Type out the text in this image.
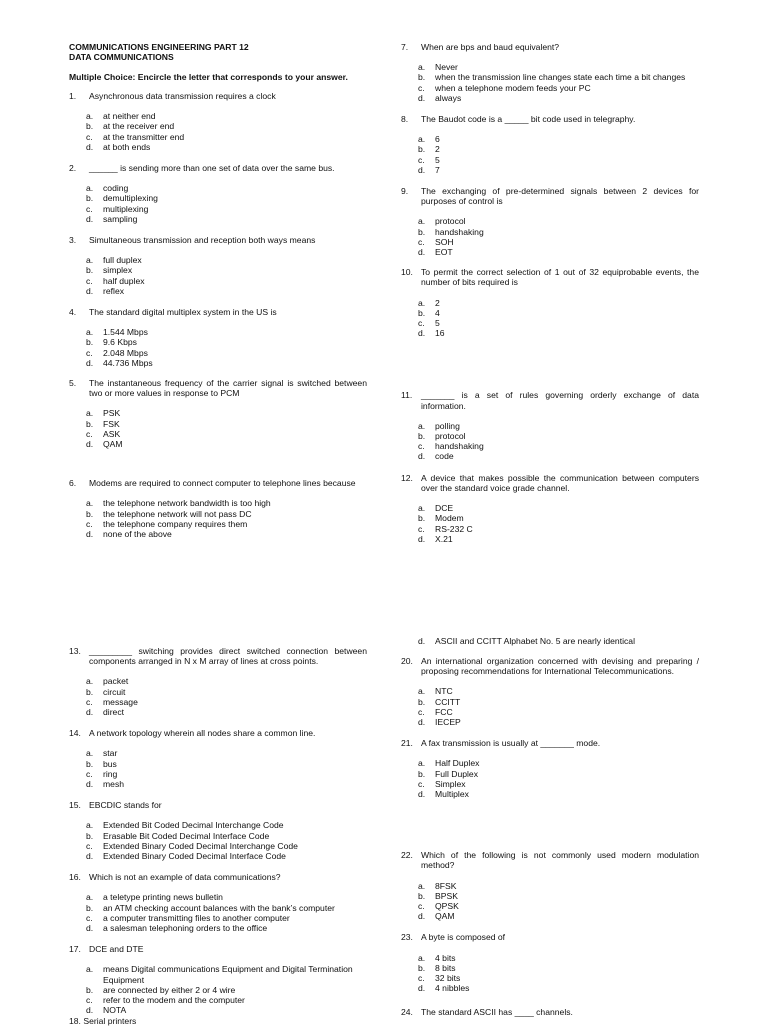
COMMUNICATIONS ENGINEERING PART 12
DATA COMMUNICATIONS
Multiple Choice: Encircle the letter that corresponds to your answer.
1.	Asynchronous data transmission requires a clock
a.	at neither end
b.	at the receiver end
c.	at the transmitter end
d.	at both ends
2.	______ is sending more than one set of data over the same bus.
a.	coding
b.	demultiplexing
c.	multiplexing
d.	sampling
3.	Simultaneous transmission and reception both ways means
a.	full duplex
b.	simplex
c.	half duplex
d.	reflex
4.	The standard digital multiplex system in the US is
a.	1.544 Mbps
b.	9.6 Kbps
c.	2.048 Mbps
d.	44.736 Mbps
5.	The instantaneous frequency of the carrier signal is switched between two or more values in response to PCM
a.	PSK
b.	FSK
c.	ASK
d.	QAM
6.	Modems are required to connect computer to telephone lines because
a.	the telephone network bandwidth is too high
b.	the telephone network will not pass DC
c.	the telephone company requires them
d.	none of the above
7.	When are bps and baud equivalent?
a.	Never
b.	when the transmission line changes state each time a bit changes
c.	when a telephone modem feeds your PC
d.	always
8.	The Baudot code is a _____ bit code used in telegraphy.
a.	6
b.	2
c.	5
d.	7
9.	The exchanging of pre-determined signals between 2 devices for purposes of control is
a.	protocol
b.	handshaking
c.	SOH
d.	EOT
10. To permit the correct selection of 1 out of 32 equiprobable events, the number of bits required is
a.	2
b.	4
c.	5
d.	16
11.	_______ is a set of rules governing orderly exchange of data information.
a.	polling
b.	protocol
c.	handshaking
d.	code
12. A device that makes possible the communication between computers over the standard voice grade channel.
a.	DCE
b.	Modem
c.	RS-232 C
d.	X.21
13. _________ switching provides direct switched connection between components arranged in N x M array of lines at cross points.
a.	packet
b.	circuit
c.	message
d.	direct
14. A network topology wherein all nodes share a common line.
a.	star
b.	bus
c.	ring
d.	mesh
15. EBCDIC stands for
a.	Extended Bit Coded Decimal Interchange Code
b.	Erasable Bit Coded Decimal Interface Code
c.	Extended Binary Coded Decimal Interchange Code
d.	Extended Binary Coded Decimal Interface Code
16. Which is not an example of data communications?
a.	a teletype printing news bulletin
b.	an ATM checking account balances with the bank’s computer
c.	a computer transmitting files to another computer
d.	a salesman telephoning orders to the office
17. DCE and DTE
a.	means Digital communications Equipment and Digital Termination Equipment
b.	are connected by either 2 or 4 wire
c.	refer to the modem and the computer
d.	NOTA
d.	ASCII and CCITT Alphabet No. 5 are nearly identical
20. An international organization concerned with devising and preparing / proposing recommendations for International Telecommunications.
a.	NTC
b.	CCITT
c.	FCC
d.	IECEP
21. A fax transmission is usually at _______ mode.
a.	Half Duplex
b.	Full Duplex
c.	Simplex
d.	Multiplex
22. Which of the following is not commonly used modern modulation method?
a.	8FSK
b.	BPSK
c.	QPSK
d.	QAM
23. A byte is composed of
a.	4 bits
b.	8 bits
c.	32 bits
d.	4 nibbles
18. Serial printers
24. The standard ASCII has ____ channels.
